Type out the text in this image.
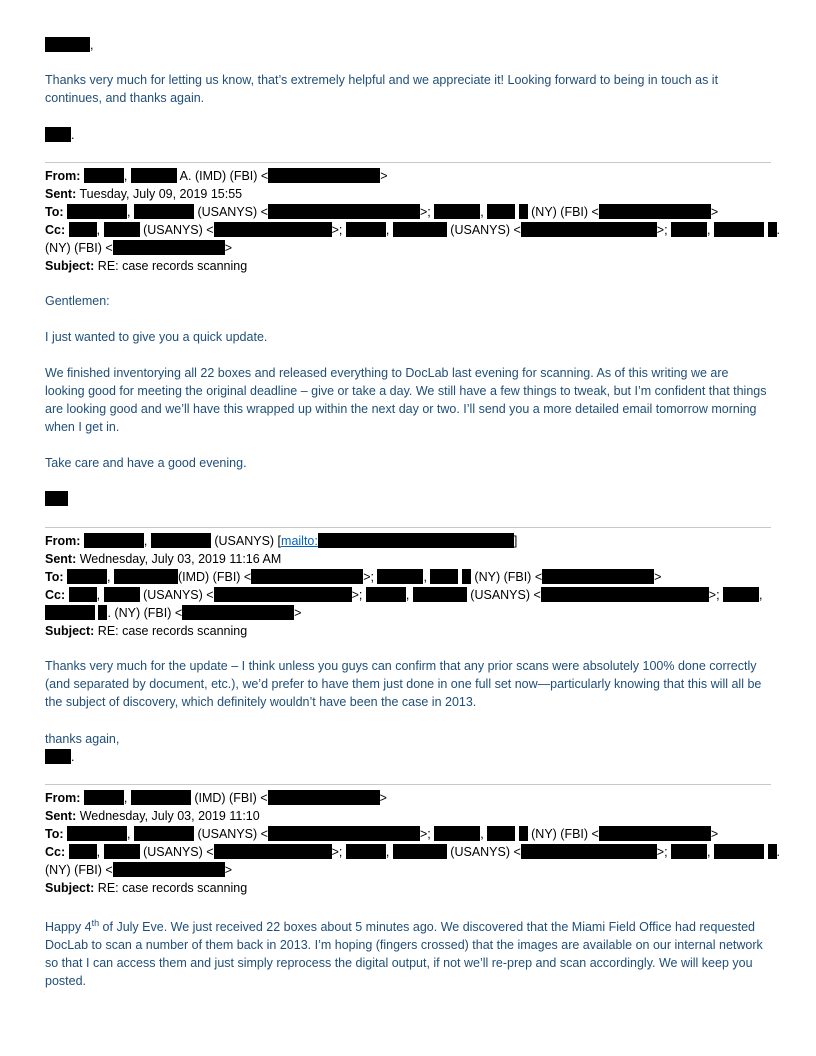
,
Thanks very much for letting us know, that’s extremely helpful and we appreciate it! Looking forward to being in touch as it continues, and thanks again.
.
From:	,	A. (IMD) (FBI) <	>
Sent: Tuesday, July 09, 2019 15:55
To:	,	(USANYS) <	>;	,	(NY) (FBI) <	>
Cc:	,	(USANYS) <	>;	,	(USANYS) <	>;	,	.
(NY) (FBI) <	>
Subject: RE: case records scanning
Gentlemen:
I just wanted to give you a quick update.
We finished inventorying all 22 boxes and released everything to DocLab last evening for scanning. As of this writing we are looking good for meeting the original deadline – give or take a day. We still have a few things to tweak, but I’m confident that things are looking good and we’ll have this wrapped up within the next day or two. I’ll send you a more detailed email tomorrow morning when I get in.
Take care and have a good evening.
From:	,	(USANYS) [mailto:	]
Sent: Wednesday, July 03, 2019 11:16 AM
To:	,	(IMD) (FBI) <	>;	,	(NY) (FBI) <	>
Cc:	,	(USANYS) <	>;	,	(USANYS) <	>;	,
. (NY) (FBI) <	>
Subject: RE: case records scanning
Thanks very much for the update – I think unless you guys can confirm that any prior scans were absolutely 100% done correctly (and separated by document, etc.), we’d prefer to have them just done in one full set now—particularly knowing that this will all be the subject of discovery, which definitely wouldn’t have been the case in 2013.
thanks again,
.
From:	,	(IMD) (FBI) <	>
Sent: Wednesday, July 03, 2019 11:10
To:	,	(USANYS) <	>;	,	(NY) (FBI) <	>
Cc:	,	(USANYS) <	>;	,	(USANYS) <	>;	,	.
(NY) (FBI) <	>
Subject: RE: case records scanning
Happy 4th of July Eve. We just received 22 boxes about 5 minutes ago. We discovered that the Miami Field Office had requested DocLab to scan a number of them back in 2013. I’m hoping (fingers crossed) that the images are available on our internal network so that I can access them and just simply reprocess the digital output, if not we’ll re-prep and scan accordingly. We will keep you posted.
